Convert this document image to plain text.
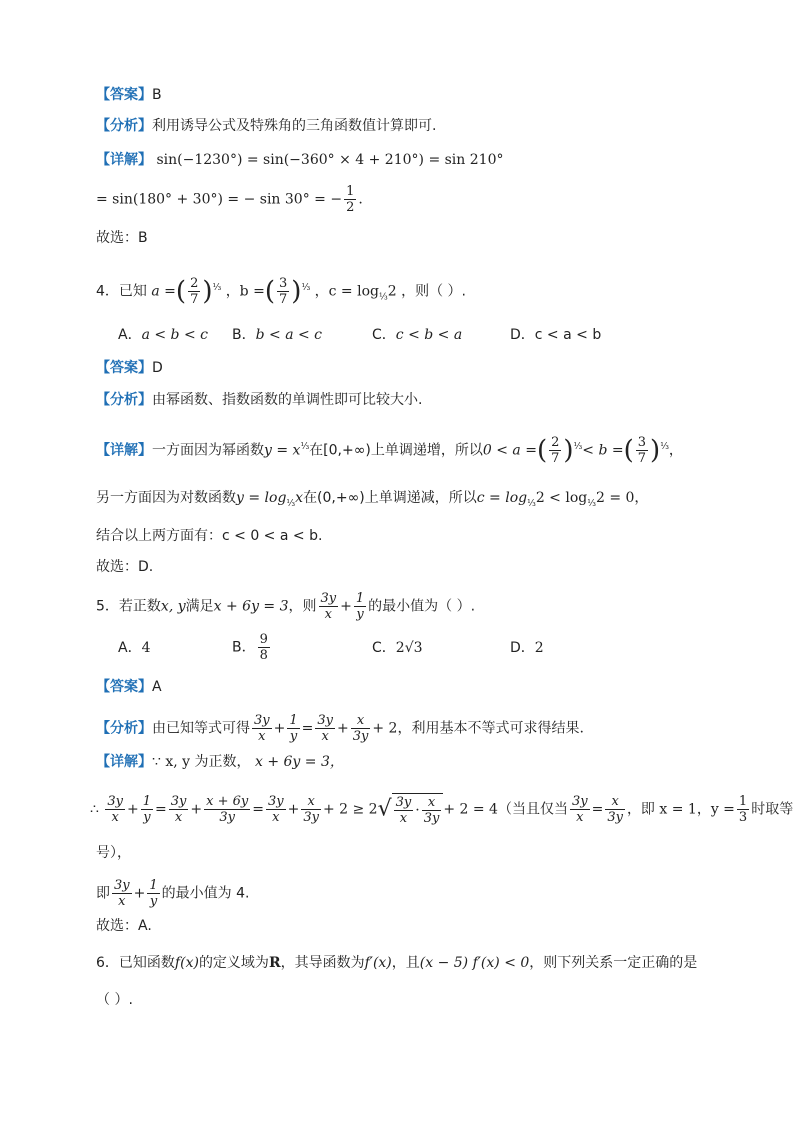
【答案】B
【分析】利用诱导公式及特殊角的三角函数值计算即可.
【详解】 sin(−1230°) = sin(−360° × 4 + 210°) = sin 210°
= sin(180° + 30°) = − sin 30° = − $\frac{1}{2}$ .
故选：B
4．已知 a =( $\frac{2}{7} )^{\frac{1}{3}}$ ，b =( $\frac{3}{7} )^{\frac{1}{3}}$ ，$c = \log_{\frac{1}{3}}2$ ，则（ ）.
A．a < b < c B．b < a < c	C．c < b < a	D．c < a < b
【答案】D
【分析】由幂函数、指数函数的单调性即可比较大小.
【详解】一方面因为幂函数$y = x^{\frac{1}{3}}$在[0,+∞)上单调递增，所以0 < a =( $\frac{2}{7} )^{\frac{1}{3}}< b$ =( $\frac{3}{7} )^{\frac{1}{3}}$，
另一方面因为对数函数$y = \log_{\frac{1}{3}}x$在(0,+∞)上单调递减，所以$c = \log_{\frac{1}{3}}2 < \log_{\frac{1}{3}}2 = 0$，
结合以上两方面有：c < 0 < a < b.
故选：D.
5．若正数x, y满足x + 6y = 3，则 $\frac{3y}{x} + \frac{1}{y}$ 的最小值为（ ）.
A．4	B． $\frac{9}{8}$	C．2√3	D．2
【答案】A
【分析】由已知等式可得 $\frac{3y}{x} + \frac{1}{y} = \frac{3y}{x} + \frac{x}{3y} + 2$，利用基本不等式可求得结果.
【详解】∵ x, y 为正数， x + 6y = 3，
∴ $\frac{3y}{x} + \frac{1}{y} = \frac{3y}{x} + \frac{x + 6y}{3y} = \frac{3y}{x} + \frac{x}{3y} + 2 \ge 2√ \frac{3y}{x} \cdot \frac{x}{3y} + 2 = 4$（当且仅当 $\frac{3y}{x} = \frac{x}{3y}$ ，即 x = 1，$y = \frac{1}{3}$ 时取等
号），
即 $\frac{3y}{x} + \frac{1}{y}$ 的最小值为 4.
故选：A.
6．已知函数f(x)的定义域为R，其导函数为f′(x)，且(x − 5) f′(x) < 0，则下列关系一定正确的是
（ ）.
